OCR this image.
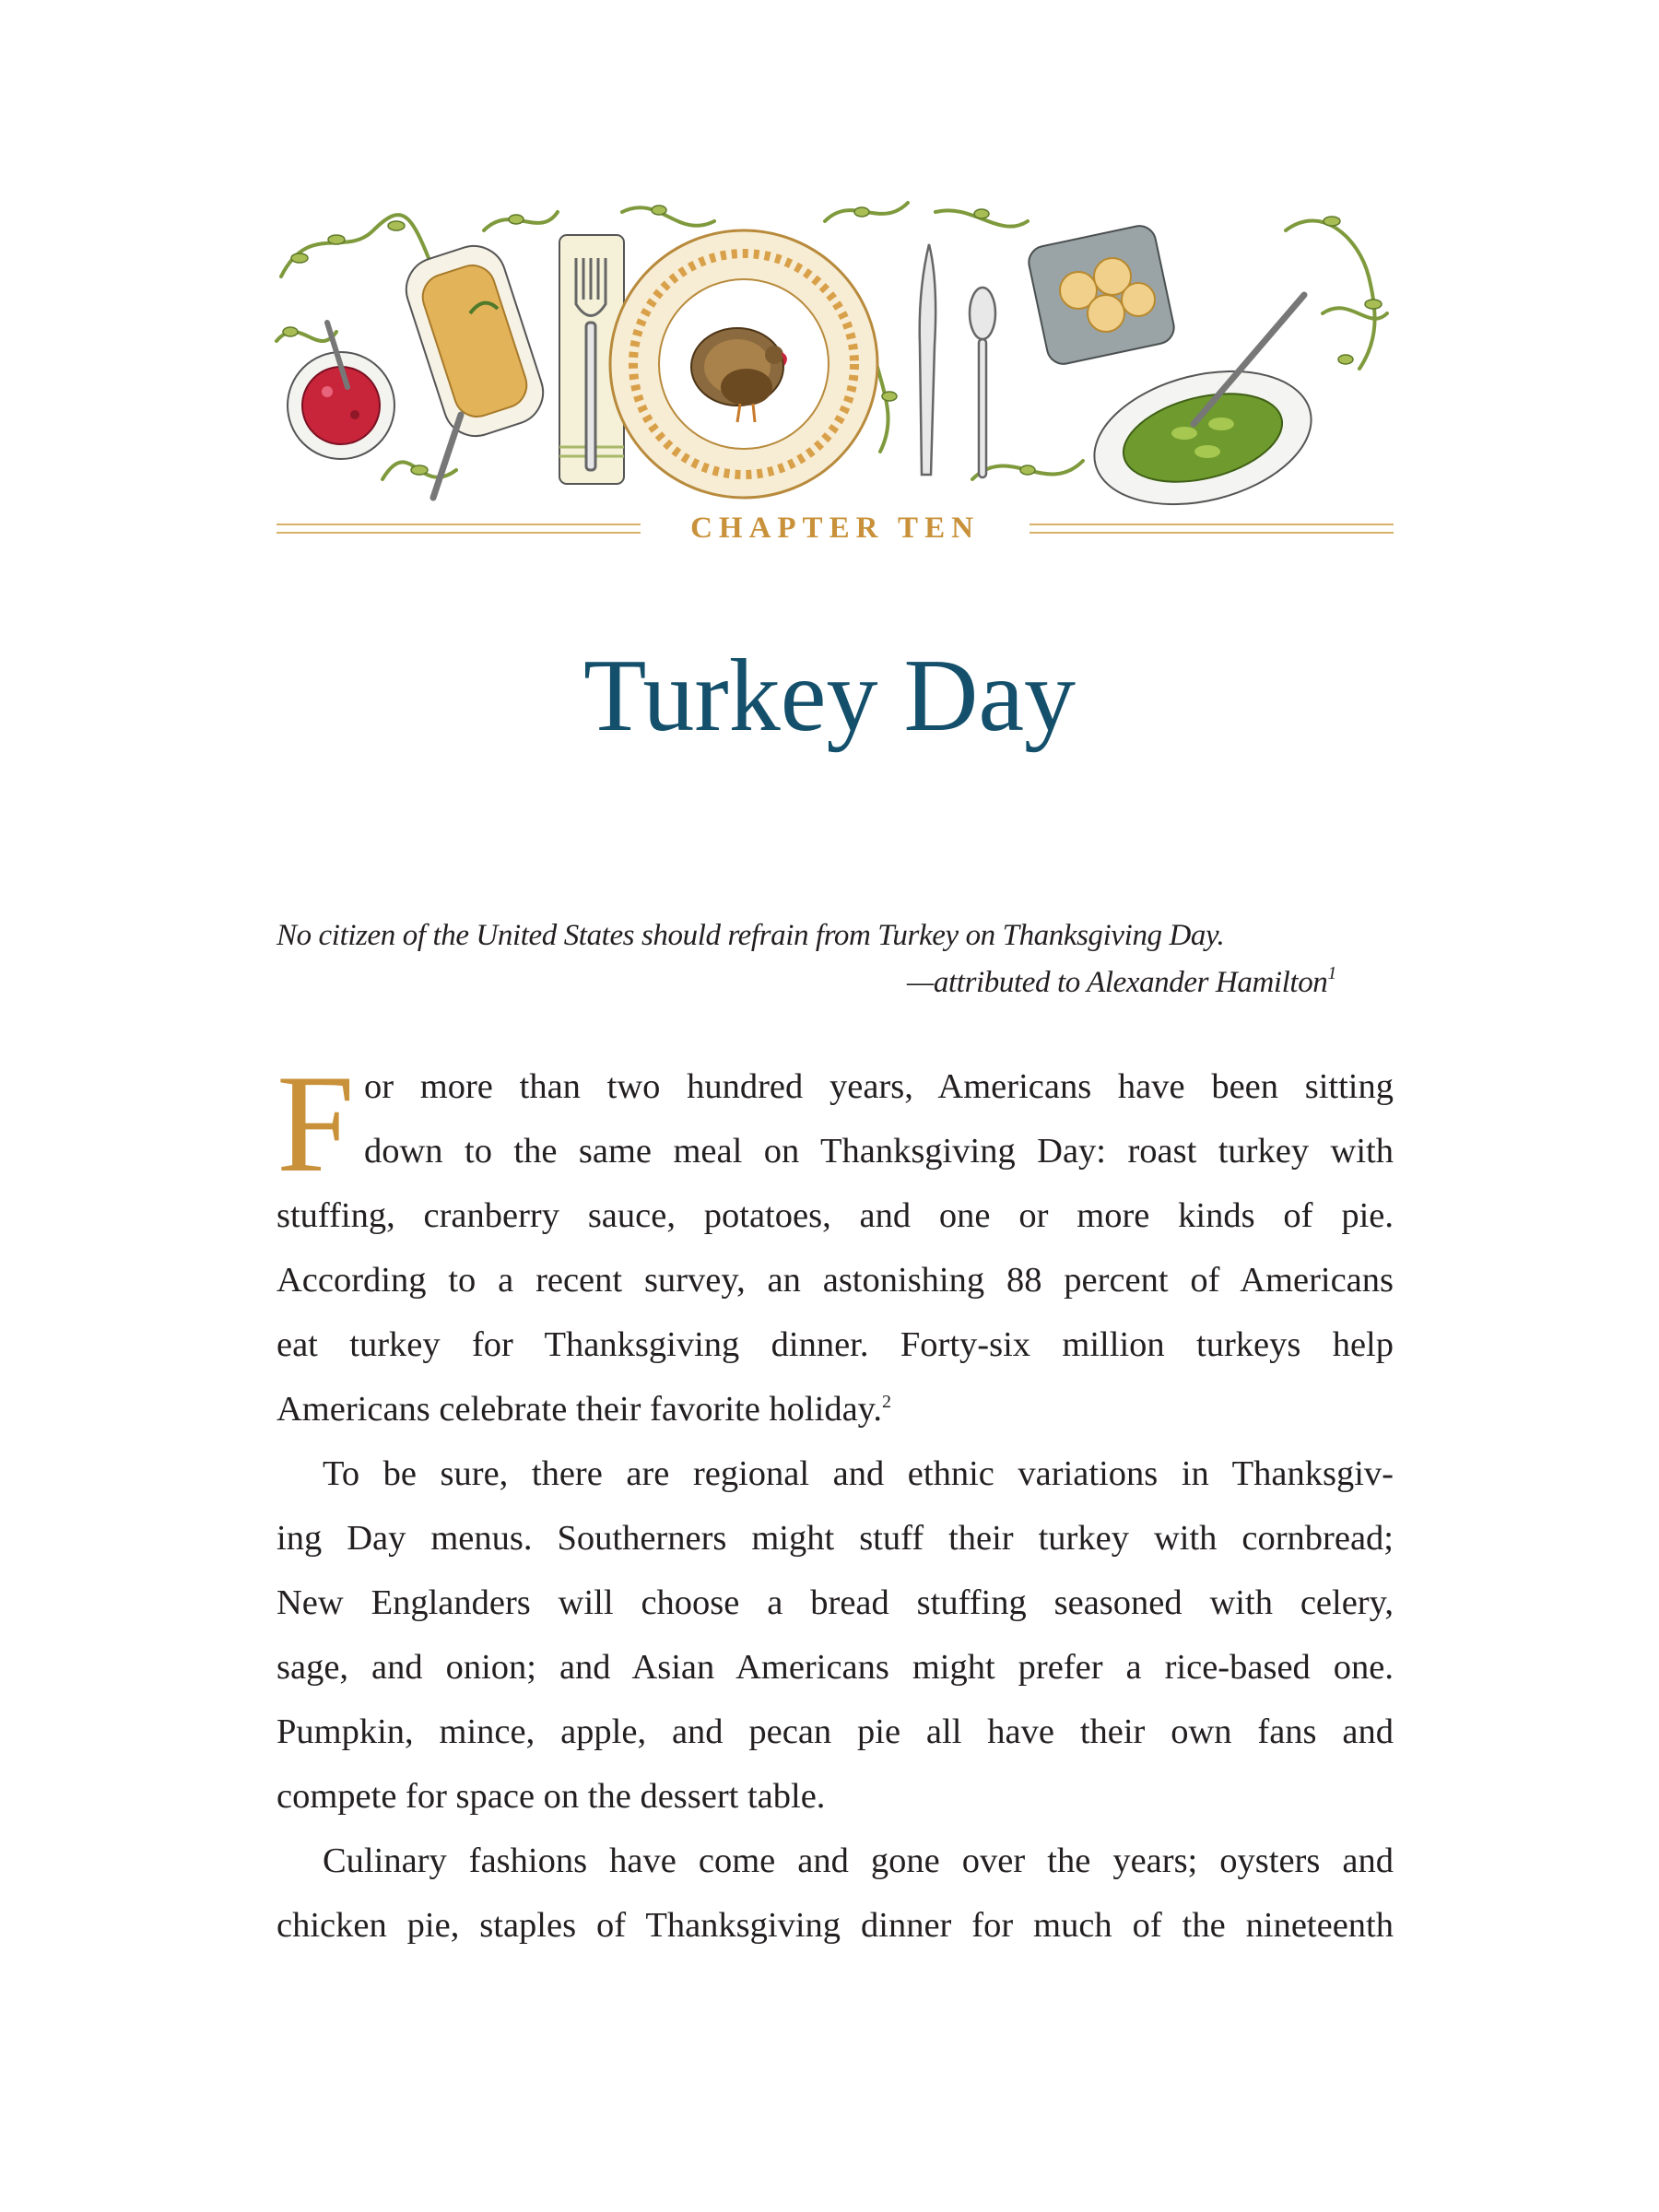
CHAPTER TEN
Turkey Day
No citizen of the United States should refrain from Turkey on Thanksgiving Day.
—attributed to Alexander Hamilton$^1$
F or more than two hundred years, Americans have been sitting
down to the same meal on Thanksgiving Day: roast turkey with
stuffing, cranberry sauce, potatoes, and one or more kinds of pie.
According to a recent survey, an astonishing 88 percent of Americans
eat turkey for Thanksgiving dinner. Forty-six million turkeys help
Americans celebrate their favorite holiday.$^2$
To be sure, there are regional and ethnic variations in Thanksgiv-
ing Day menus. Southerners might stuff their turkey with cornbread;
New Englanders will choose a bread stuffing seasoned with celery,
sage, and onion; and Asian Americans might prefer a rice-based one.
Pumpkin, mince, apple, and pecan pie all have their own fans and
compete for space on the dessert table.
Culinary fashions have come and gone over the years; oysters and
chicken pie, staples of Thanksgiving dinner for much of the nineteenth
